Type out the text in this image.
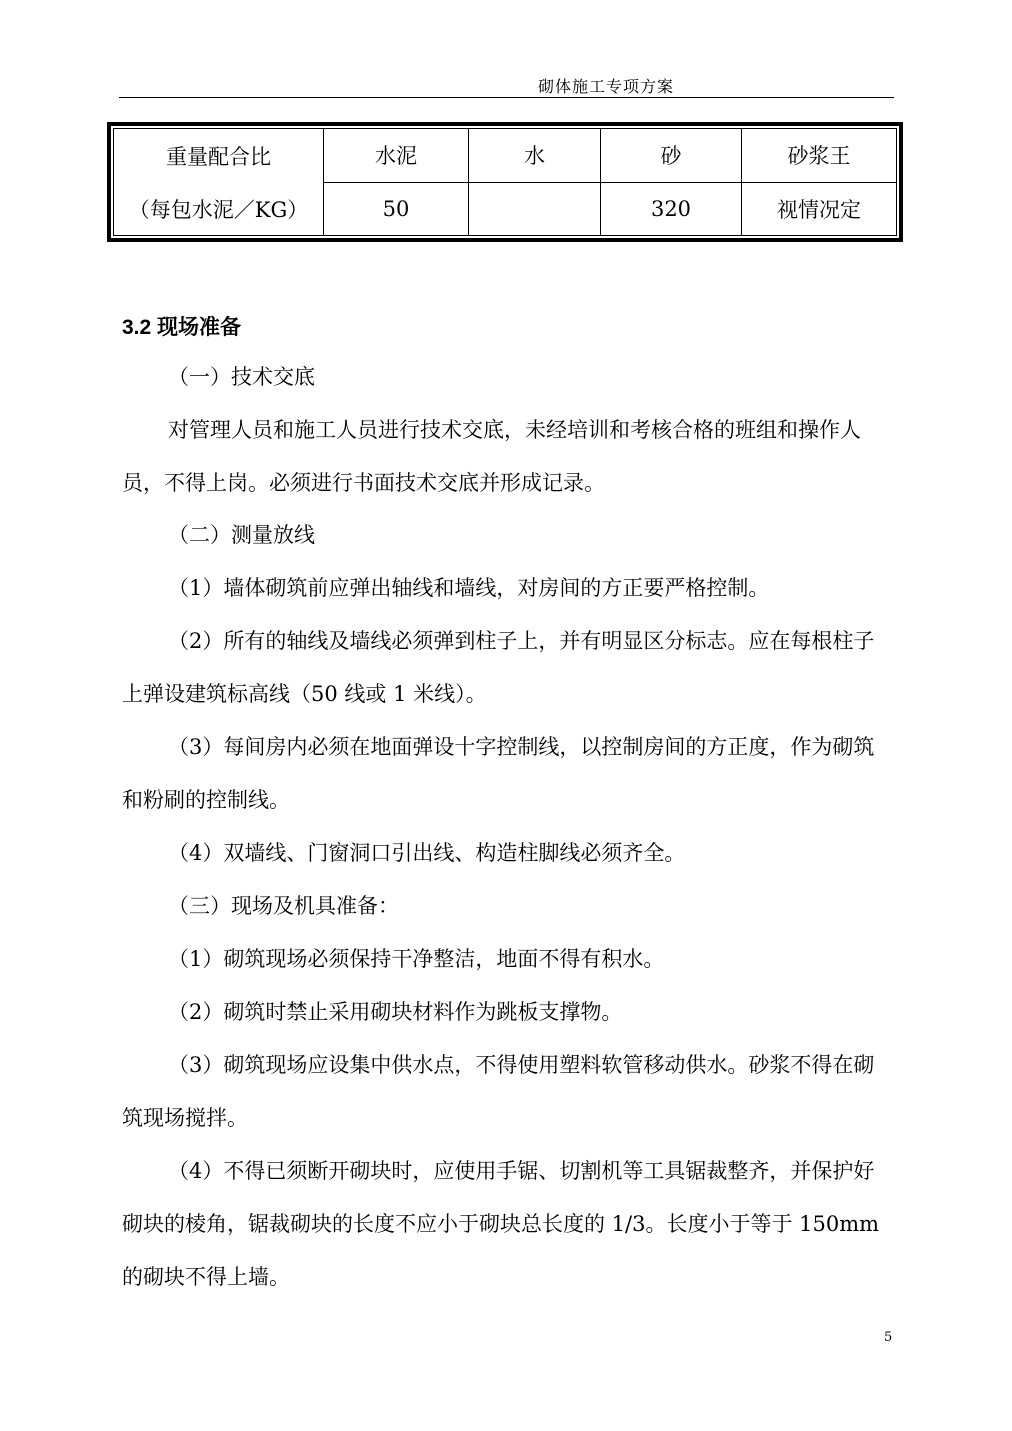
砌体施工专项方案
重量配合比	水泥	水	砂	砂浆王
（每包水泥／KG）	50		320	视情况定
3.2 现场准备

（一）技术交底

对管理人员和施工人员进行技术交底，未经培训和考核合格的班组和操作人员，不得上岗。必须进行书面技术交底并形成记录。

（二）测量放线

（1）墙体砌筑前应弹出轴线和墙线，对房间的方正要严格控制。

（2）所有的轴线及墙线必须弹到柱子上，并有明显区分标志。应在每根柱子上弹设建筑标高线（50 线或 1 米线）。

（3）每间房内必须在地面弹设十字控制线，以控制房间的方正度，作为砌筑和粉刷的控制线。

（4）双墙线、门窗洞口引出线、构造柱脚线必须齐全。

（三）现场及机具准备：

（1）砌筑现场必须保持干净整洁，地面不得有积水。

（2）砌筑时禁止采用砌块材料作为跳板支撑物。

（3）砌筑现场应设集中供水点，不得使用塑料软管移动供水。砂浆不得在砌筑现场搅拌。

（4）不得已须断开砌块时，应使用手锯、切割机等工具锯裁整齐，并保护好砌块的棱角，锯裁砌块的长度不应小于砌块总长度的 1/3。长度小于等于 150mm 的砌块不得上墙。

5
